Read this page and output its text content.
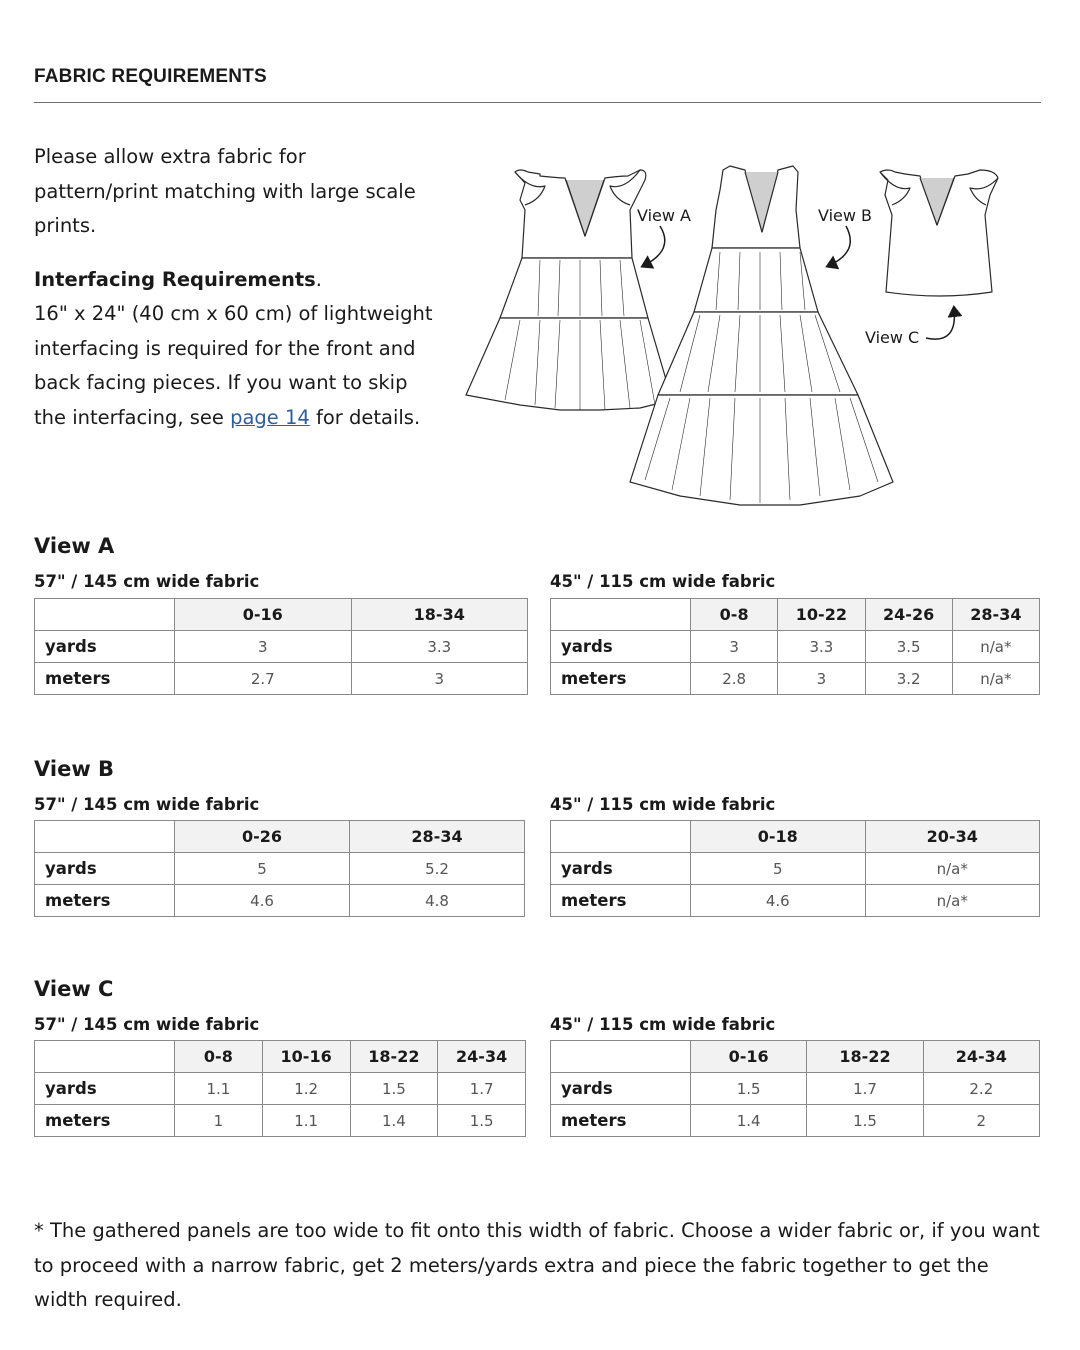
FABRIC REQUIREMENTS

Please allow extra fabric for pattern/print matching with large scale prints.

Interfacing Requirements.

16" x 24" (40 cm x 60 cm) of lightweight interfacing is required for the front and back facing pieces. If you want to skip the interfacing, see page 14 for details.

View A	View B
View C
View A
57" / 145 cm wide fabric
	0-16	18-34
yards	3	3.3
meters	2.7	3
45" / 115 cm wide fabric
	0-8	10-22	24-26	28-34
yards	3	3.3	3.5	n/a*
meters	2.8	3	3.2	n/a*
View B
57" / 145 cm wide fabric
	0-26	28-34
yards	5	5.2
meters	4.6	4.8
45" / 115 cm wide fabric
	0-18	20-34
yards	5	n/a*
meters	4.6	n/a*
View C
57" / 145 cm wide fabric
	0-8	10-16	18-22	24-34
yards	1.1	1.2	1.5	1.7
meters	1	1.1	1.4	1.5
45" / 115 cm wide fabric
	0-16	18-22	24-34
yards	1.5	1.7	2.2
meters	1.4	1.5	2

* The gathered panels are too wide to fit onto this width of fabric. Choose a wider fabric or, if you want to proceed with a narrow fabric, get 2 meters/yards extra and piece the fabric together to get the width required.
